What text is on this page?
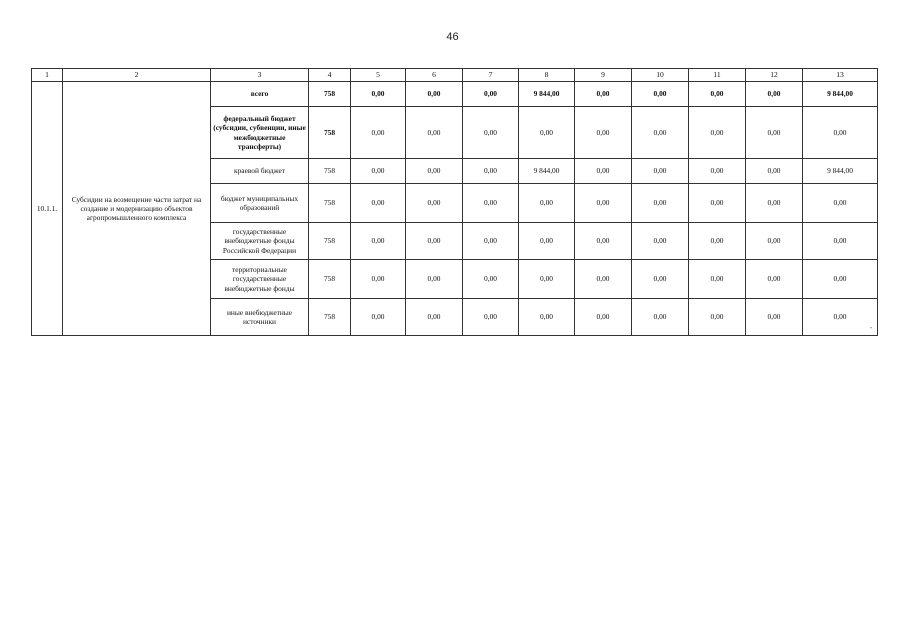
46
1	2	3	4	5	6	7	8	9	10	11	12	13
10.1.1.	Субсидии на возмещение части затрат на создание и модернизацию объектов агропромышленного комплекса	всего	758	0,00	0,00	0,00	9 844,00	0,00	0,00	0,00	0,00	9 844,00
		федеральный бюджет (субсидии, субвенции, иные межбюджетные трансферты)	758	0,00	0,00	0,00	0,00	0,00	0,00	0,00	0,00	0,00
		краевой бюджет	758	0,00	0,00	0,00	9 844,00	0,00	0,00	0,00	0,00	9 844,00
		бюджет муниципальных образований	758	0,00	0,00	0,00	0,00	0,00	0,00	0,00	0,00	0,00
		государственные внебюджетные фонды Российской Федерации	758	0,00	0,00	0,00	0,00	0,00	0,00	0,00	0,00	0,00
		территориальные государственные внебюджетные фонды	758	0,00	0,00	0,00	0,00	0,00	0,00	0,00	0,00	0,00
		иные внебюджетные источники	758	0,00	0,00	0,00	0,00	0,00	0,00	0,00	0,00	0,00
"
